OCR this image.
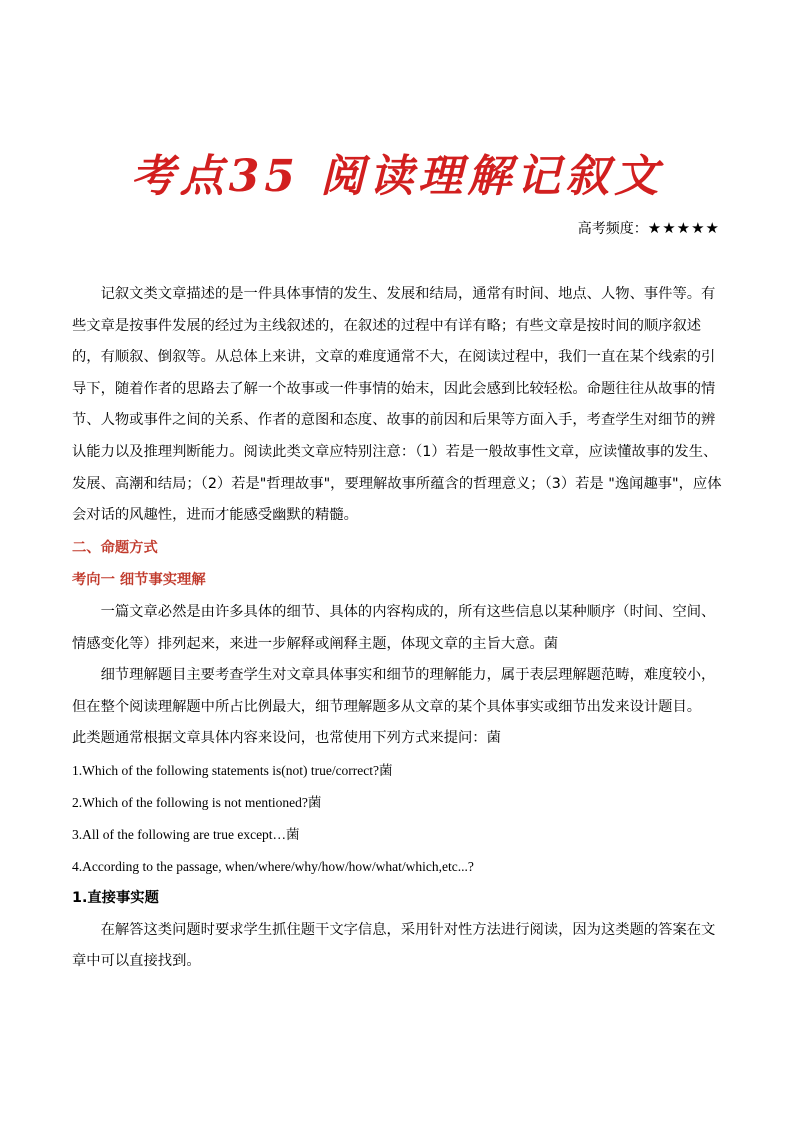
考点35 阅读理解记叙文
高考频度：★★★★★

记叙文类文章描述的是一件具体事情的发生、发展和结局，通常有时间、地点、人物、事件等。有些文章是按事件发展的经过为主线叙述的，在叙述的过程中有详有略；有些文章是按时间的顺序叙述的，有顺叙、倒叙等。从总体上来讲，文章的难度通常不大，在阅读过程中，我们一直在某个线索的引导下，随着作者的思路去了解一个故事或一件事情的始末，因此会感到比较轻松。命题往往从故事的情节、人物或事件之间的关系、作者的意图和态度、故事的前因和后果等方面入手，考查学生对细节的辨认能力以及推理判断能力。阅读此类文章应特别注意：（1）若是一般故事性文章，应读懂故事的发生、发展、高潮和结局；（2）若是"哲理故事"，要理解故事所蕴含的哲理意义；（3）若是 "逸闻趣事"，应体会对话的风趣性，进而才能感受幽默的精髓。

二、命题方式

考向一 细节事实理解

一篇文章必然是由许多具体的细节、具体的内容构成的，所有这些信息以某种顺序（时间、空间、情感变化等）排列起来，来进一步解释或阐释主题，体现文章的主旨大意。菌

细节理解题目主要考查学生对文章具体事实和细节的理解能力，属于表层理解题范畴，难度较小，但在整个阅读理解题中所占比例最大，细节理解题多从文章的某个具体事实或细节出发来设计题目。

此类题通常根据文章具体内容来设问，也常使用下列方式来提问：菌

1.Which of the following statements is(not) true/correct?菌

2.Which of the following is not mentioned?菌

3.All of the following are true except…菌

4.According to the passage, when/where/why/how/how/what/which,etc...?

1.直接事实题

在解答这类问题时要求学生抓住题干文字信息，采用针对性方法进行阅读，因为这类题的答案在文章中可以直接找到。
